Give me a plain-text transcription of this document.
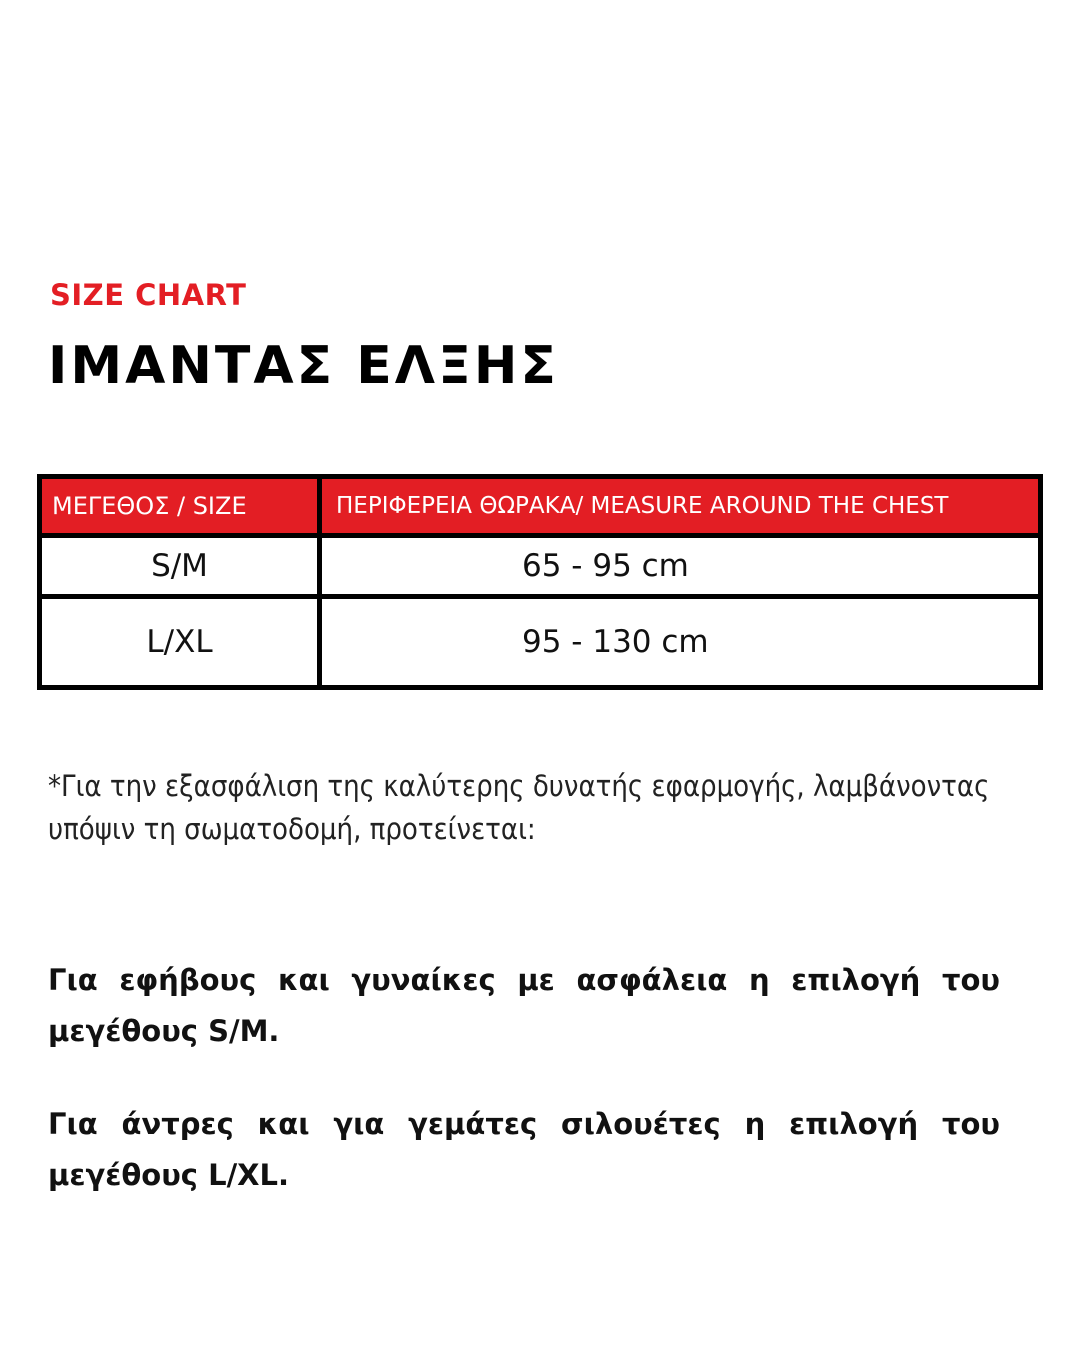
SIZE CHART

ΙΜΑΝΤΑΣ ΕΛΞΗΣ
ΜΕΓΕΘΟΣ / SIZE	ΠΕΡΙΦΕΡΕΙΑ ΘΩΡΑΚΑ/ MEASURE AROUND THE CHEST
S/M	65 - 95 cm
L/XL	95 - 130 cm

*Για την εξασφάλιση της καλύτερης δυνατής εφαρμογής, λαμβάνοντας υπόψιν τη σωματοδομή, προτείνεται:

Για εφήβους και γυναίκες με ασφάλεια η επιλογή του μεγέθους S/M.

Για άντρες και για γεμάτες σιλουέτες η επιλογή του μεγέθους L/XL.
